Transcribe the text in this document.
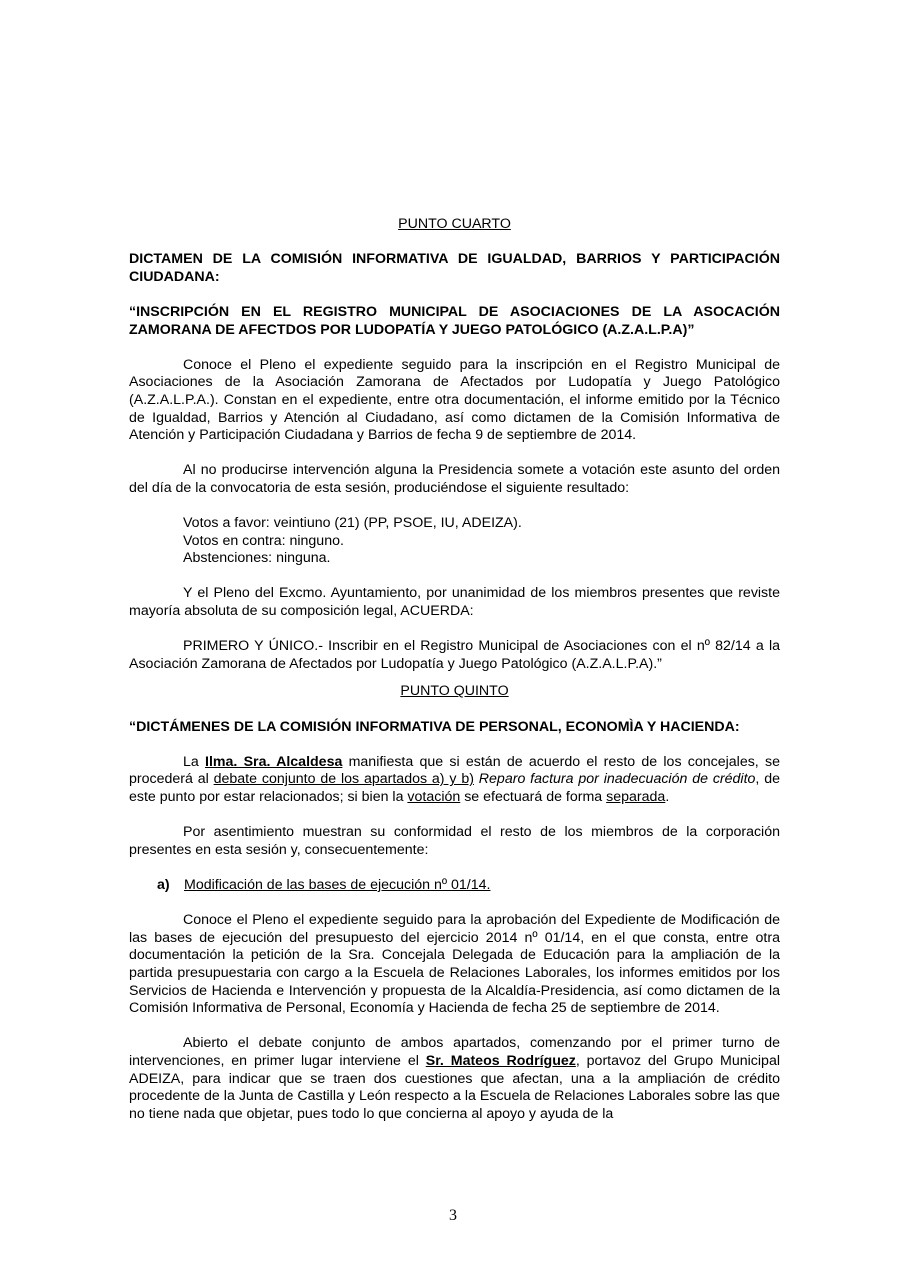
PUNTO CUARTO

DICTAMEN DE LA COMISIÓN INFORMATIVA DE IGUALDAD, BARRIOS Y PARTICIPACIÓN CIUDADANA:

“INSCRIPCIÓN EN EL REGISTRO MUNICIPAL DE ASOCIACIONES DE LA ASOCACIÓN ZAMORANA DE AFECTDOS POR LUDOPATÍA Y JUEGO PATOLÓGICO (A.Z.A.L.P.A)”

Conoce el Pleno el expediente seguido para la inscripción en el Registro Municipal de Asociaciones de la Asociación Zamorana de Afectados por Ludopatía y Juego Patológico (A.Z.A.L.P.A.). Constan en el expediente, entre otra documentación, el informe emitido por la Técnico de Igualdad, Barrios y Atención al Ciudadano, así como dictamen de la Comisión Informativa de Atención y Participación Ciudadana y Barrios de fecha 9 de septiembre de 2014.

Al no producirse intervención alguna la Presidencia somete a votación este asunto del orden del día de la convocatoria de esta sesión, produciéndose el siguiente resultado:

Votos a favor: veintiuno (21) (PP, PSOE, IU, ADEIZA).

Votos en contra: ninguno.

Abstenciones: ninguna.

Y el Pleno del Excmo. Ayuntamiento, por unanimidad de los miembros presentes que reviste mayoría absoluta de su composición legal, ACUERDA:

PRIMERO Y ÚNICO.- Inscribir en el Registro Municipal de Asociaciones con el nº 82/14 a la Asociación Zamorana de Afectados por Ludopatía y Juego Patológico (A.Z.A.L.P.A).”

PUNTO QUINTO

“DICTÁMENES DE LA COMISIÓN INFORMATIVA DE PERSONAL, ECONOMÌA Y HACIENDA:

La Ilma. Sra. Alcaldesa manifiesta que si están de acuerdo el resto de los concejales, se procederá al debate conjunto de los apartados a) y b) Reparo factura por inadecuación de crédito, de este punto por estar relacionados; si bien la votación se efectuará de forma separada.

Por asentimiento muestran su conformidad el resto de los miembros de la corporación presentes en esta sesión y, consecuentemente:

a) Modificación de las bases de ejecución nº 01/14.

Conoce el Pleno el expediente seguido para la aprobación del Expediente de Modificación de las bases de ejecución del presupuesto del ejercicio 2014 nº 01/14, en el que consta, entre otra documentación la petición de la Sra. Concejala Delegada de Educación para la ampliación de la partida presupuestaria con cargo a la Escuela de Relaciones Laborales, los informes emitidos por los Servicios de Hacienda e Intervención y propuesta de la Alcaldía-Presidencia, así como dictamen de la Comisión Informativa de Personal, Economía y Hacienda de fecha 25 de septiembre de 2014.

Abierto el debate conjunto de ambos apartados, comenzando por el primer turno de intervenciones, en primer lugar interviene el Sr. Mateos Rodríguez, portavoz del Grupo Municipal ADEIZA, para indicar que se traen dos cuestiones que afectan, una a la ampliación de crédito procedente de la Junta de Castilla y León respecto a la Escuela de Relaciones Laborales sobre las que no tiene nada que objetar, pues todo lo que concierna al apoyo y ayuda de la

3
